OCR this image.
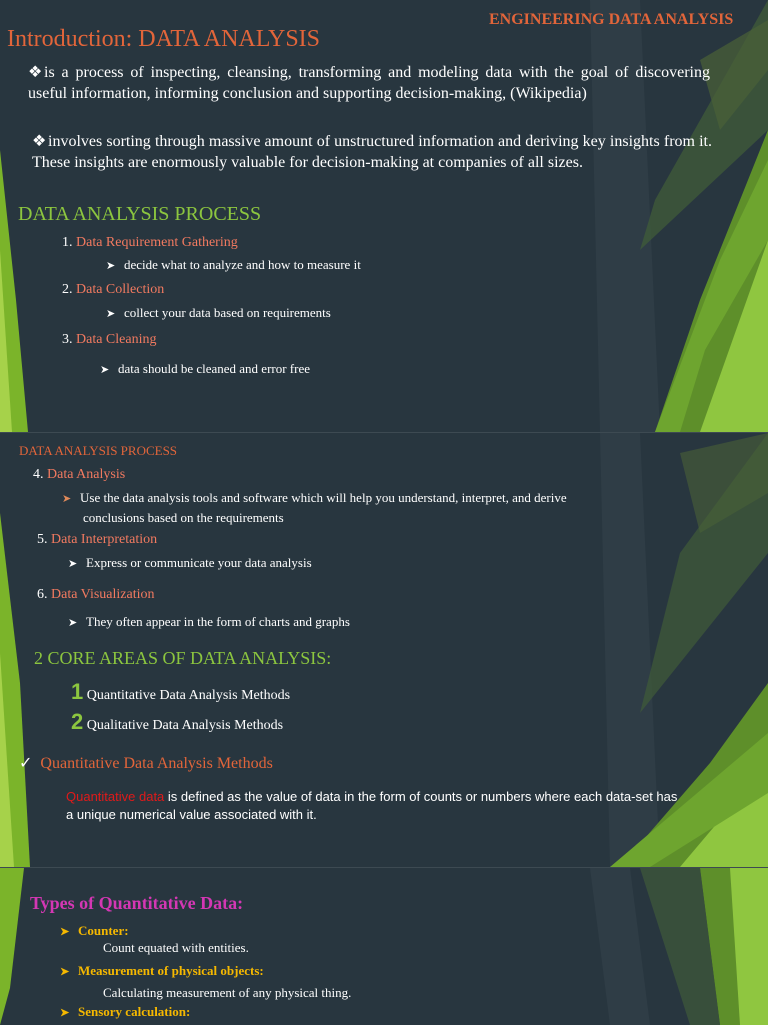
ENGINEERING DATA ANALYSIS
Introduction: DATA ANALYSIS
❖ is a process of inspecting, cleansing, transforming and modeling data with the goal of discovering useful information, informing conclusion and supporting decision-making, (Wikipedia)
❖ involves sorting through massive amount of unstructured information and deriving key insights from it. These insights are enormously valuable for decision-making at companies of all sizes.
DATA ANALYSIS PROCESS
1. Data Requirement Gathering
➤ decide what to analyze and how to measure it
2. Data Collection
➤ collect your data based on requirements
3. Data Cleaning
➤ data should be cleaned and error free
DATA ANALYSIS PROCESS
4. Data Analysis
➤ Use the data analysis tools and software which will help you understand, interpret, and derive
conclusions based on the requirements
5. Data Interpretation
➤ Express or communicate your data analysis
6. Data Visualization
➤ They often appear in the form of charts and graphs
2 CORE AREAS OF DATA ANALYSIS:
1 Quantitative Data Analysis Methods
2 Qualitative Data Analysis Methods
✓ Quantitative Data Analysis Methods
Quantitative data is defined as the value of data in the form of counts or numbers where each data-set has
a unique numerical value associated with it.
Types of Quantitative Data:
➤ Counter:
Count equated with entities.
➤ Measurement of physical objects:
Calculating measurement of any physical thing.
➤ Sensory calculation:
